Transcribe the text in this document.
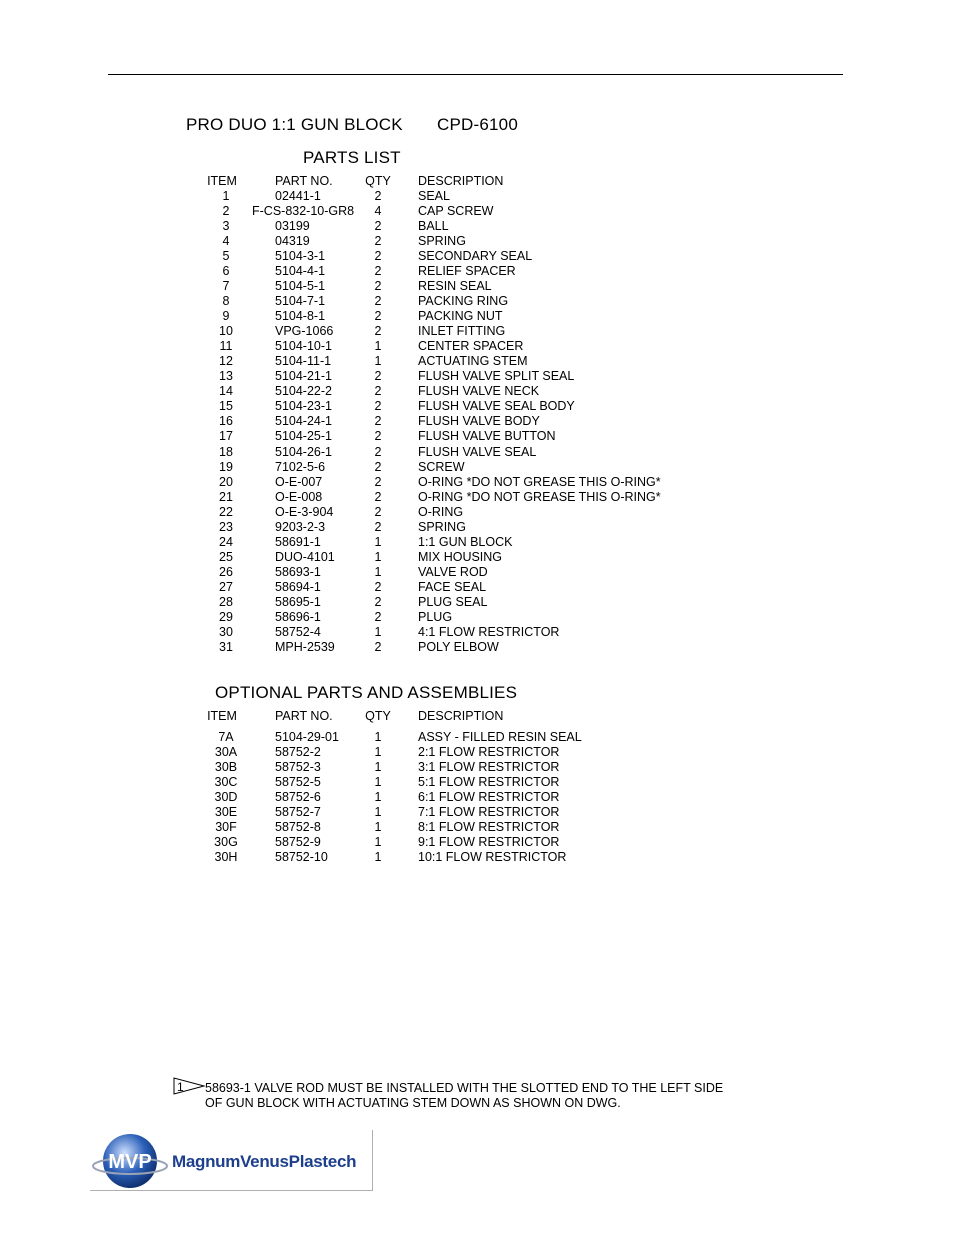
PRO DUO 1:1 GUN BLOCK CPD-6100
PARTS LIST
ITEM	PART NO.	QTY DESCRIPTION
1	02441-1	2	SEAL
2	F-CS-832-10-GR8	4	CAP SCREW
3	03199	2	BALL
4	04319	2	SPRING
5	5104-3-1	2	SECONDARY SEAL
6	5104-4-1	2	RELIEF SPACER
7	5104-5-1	2	RESIN SEAL
8	5104-7-1	2	PACKING RING
9	5104-8-1	2	PACKING NUT
10	VPG-1066	2	INLET FITTING
11	5104-10-1	1	CENTER SPACER
12	5104-11-1	1	ACTUATING STEM
13	5104-21-1	2	FLUSH VALVE SPLIT SEAL
14	5104-22-2	2	FLUSH VALVE NECK
15	5104-23-1	2	FLUSH VALVE SEAL BODY
16	5104-24-1	2	FLUSH VALVE BODY
17	5104-25-1	2	FLUSH VALVE BUTTON
18	5104-26-1	2	FLUSH VALVE SEAL
19	7102-5-6	2	SCREW
20	O-E-007	2	O-RING *DO NOT GREASE THIS O-RING*
21	O-E-008	2	O-RING *DO NOT GREASE THIS O-RING*
22	O-E-3-904	2	O-RING
23	9203-2-3	2	SPRING
24	58691-1	1	1:1 GUN BLOCK
25	DUO-4101	1	MIX HOUSING
26	58693-1	1	VALVE ROD
27	58694-1	2	FACE SEAL
28	58695-1	2	PLUG SEAL
29	58696-1	2	PLUG
30	58752-4	1	4:1 FLOW RESTRICTOR
31	MPH-2539	2	POLY ELBOW
OPTIONAL PARTS AND ASSEMBLIES
ITEM	PART NO.	QTY DESCRIPTION
7A	5104-29-01	1	ASSY - FILLED RESIN SEAL
30A	58752-2	1	2:1 FLOW RESTRICTOR
30B	58752-3	1	3:1 FLOW RESTRICTOR
30C	58752-5	1	5:1 FLOW RESTRICTOR
30D	58752-6	1	6:1 FLOW RESTRICTOR
30E	58752-7	1	7:1 FLOW RESTRICTOR
30F	58752-8	1	8:1 FLOW RESTRICTOR
30G	58752-9	1	9:1 FLOW RESTRICTOR
30H	58752-10	1	10:1 FLOW RESTRICTOR
1 58693-1 VALVE ROD MUST BE INSTALLED WITH THE SLOTTED END TO THE LEFT SIDE
OF GUN BLOCK WITH ACTUATING STEM DOWN AS SHOWN ON DWG.
MVP MagnumVenusPlastech
